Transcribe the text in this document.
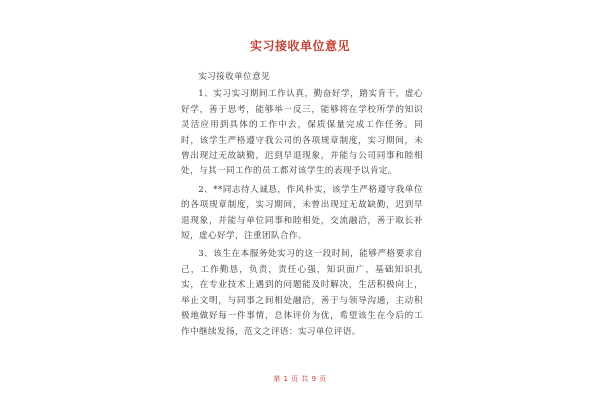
实习接收单位意见

实习接收单位意见

1、实习实习期间工作认真，勤奋好学，踏实肯干，虚心好学，善于思考，能够举一反三，能够将在学校所学的知识灵活应用到具体的工作中去，保质保量完成工作任务。同时，该学生严格遵守我公司的各项规章制度，实习期间，未曾出现过无故缺勤，迟到早退现象，并能与公司同事和睦相处，与其一同工作的员工都对该学生的表现予以肯定。

2、**同志待人诚恳，作风朴实，该学生严格遵守我单位的各项规章制度，实习期间，未曾出现过无故缺勤，迟到早退现象，并能与单位同事和睦相处，交流融洽，善于取长补短，虚心好学，注重团队合作。

3、该生在本服务处实习的这一段时间，能够严格要求自己，工作勤恳，负责，责任心强，知识面广，基础知识扎实，在专业技术上遇到的问题能及时解决，生活积极向上，举止文明，与同事之间相处融洽，善于与领导沟通，主动积极地做好每一件事情，总体评价为优，希望该生在今后的工作中继续发扬，范文之评语：实习单位评语。

第 1 页 共 9 页
